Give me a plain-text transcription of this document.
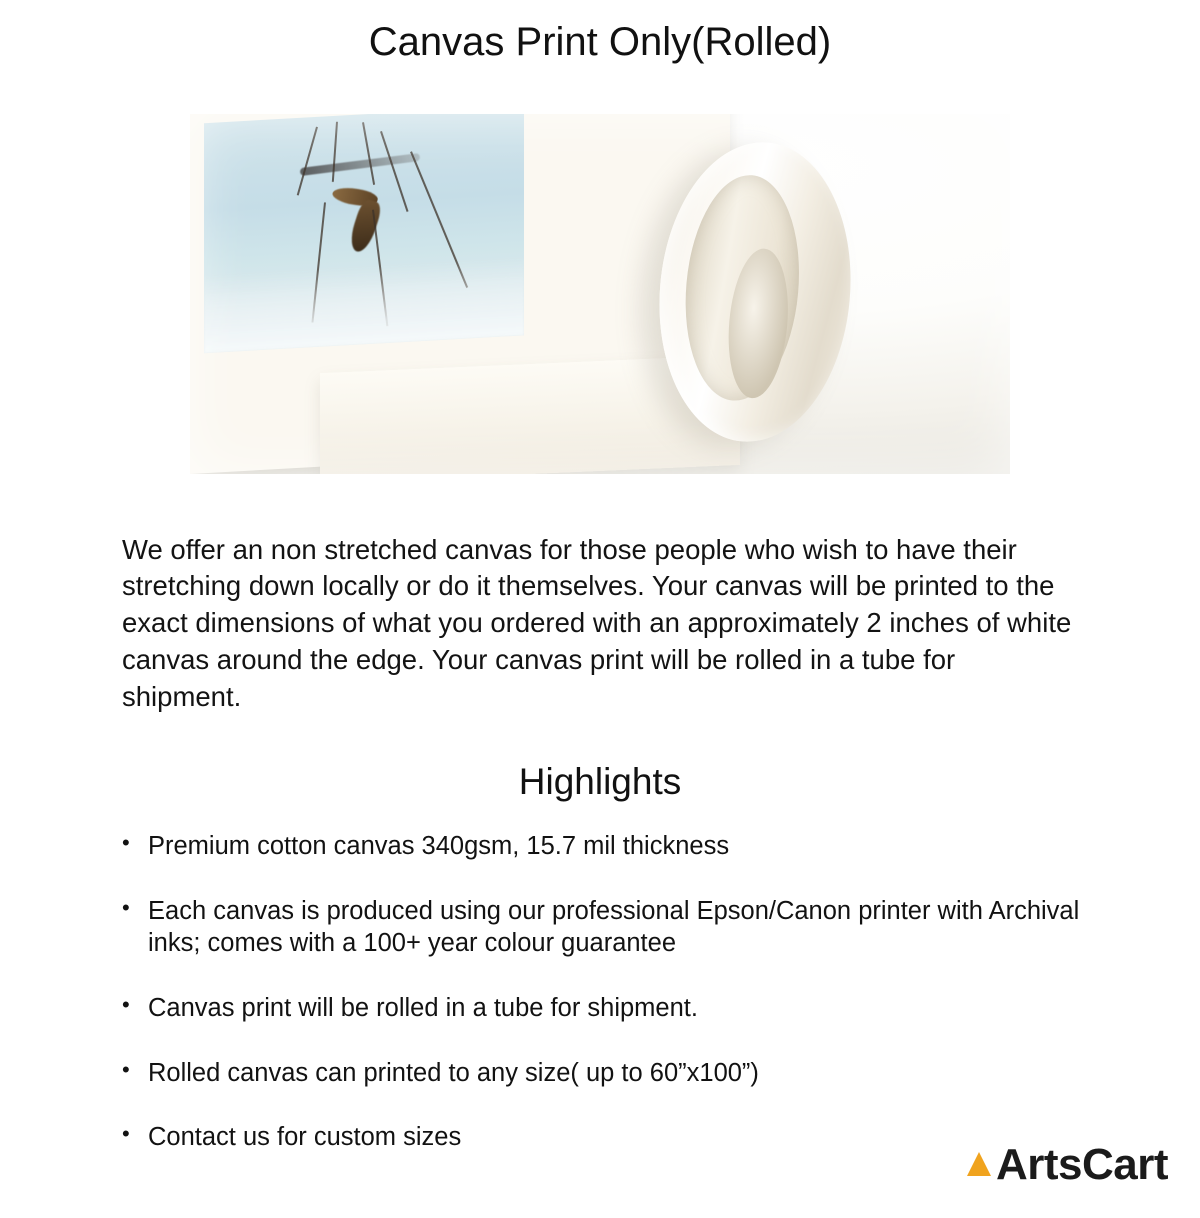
Canvas Print Only(Rolled)

We offer an non stretched canvas for those people who wish to have their stretching down locally or do it themselves. Your canvas will be printed to the exact dimensions of what you ordered with an approximately 2 inches of white canvas around the edge. Your canvas print will be rolled in a tube for shipment.

Highlights
• Premium cotton canvas 340gsm, 15.7 mil thickness
• Each canvas is produced using our professional Epson/Canon printer with Archival inks; comes with a 100+ year colour guarantee
• Canvas print will be rolled in a tube for shipment.
• Rolled canvas can printed to any size( up to 60”x100”)
• Contact us for custom sizes
ArtsCart
